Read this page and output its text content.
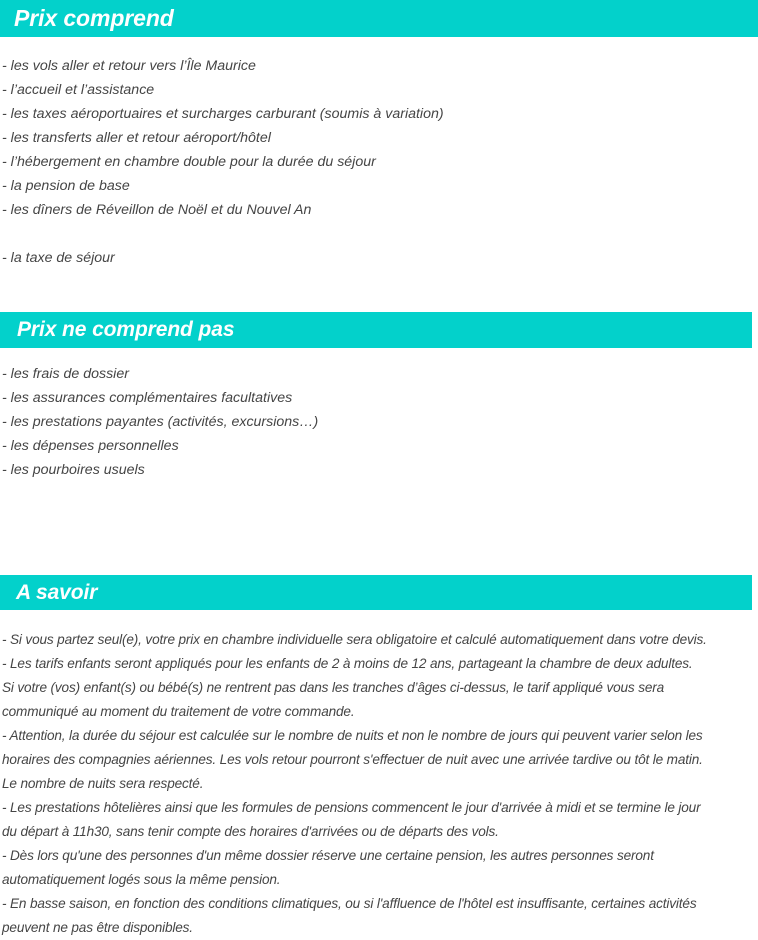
Prix comprend
- les vols aller et retour vers l’Île Maurice
- l’accueil et l’assistance
- les taxes aéroportuaires et surcharges carburant (soumis à variation)
- les transferts aller et retour aéroport/hôtel
- l’hébergement en chambre double pour la durée du séjour
- la pension de base
- les dîners de Réveillon de Noël et du Nouvel An

- la taxe de séjour
Prix ne comprend pas
- les frais de dossier
- les assurances complémentaires facultatives
- les prestations payantes (activités, excursions…)
- les dépenses personnelles
- les pourboires usuels
A savoir
- Si vous partez seul(e), votre prix en chambre individuelle sera obligatoire et calculé automatiquement dans votre devis.
- Les tarifs enfants seront appliqués pour les enfants de 2 à moins de 12 ans, partageant la chambre de deux adultes.
Si votre (vos) enfant(s) ou bébé(s) ne rentrent pas dans les tranches d’âges ci-dessus, le tarif appliqué vous sera
communiqué au moment du traitement de votre commande.
- Attention, la durée du séjour est calculée sur le nombre de nuits et non le nombre de jours qui peuvent varier selon les
horaires des compagnies aériennes. Les vols retour pourront s'effectuer de nuit avec une arrivée tardive ou tôt le matin.
Le nombre de nuits sera respecté.
- Les prestations hôtelières ainsi que les formules de pensions commencent le jour d'arrivée à midi et se termine le jour
du départ à 11h30, sans tenir compte des horaires d'arrivées ou de départs des vols.
- Dès lors qu'une des personnes d'un même dossier réserve une certaine pension, les autres personnes seront
automatiquement logés sous la même pension.
- En basse saison, en fonction des conditions climatiques, ou si l'affluence de l'hôtel est insuffisante, certaines activités
peuvent ne pas être disponibles.
